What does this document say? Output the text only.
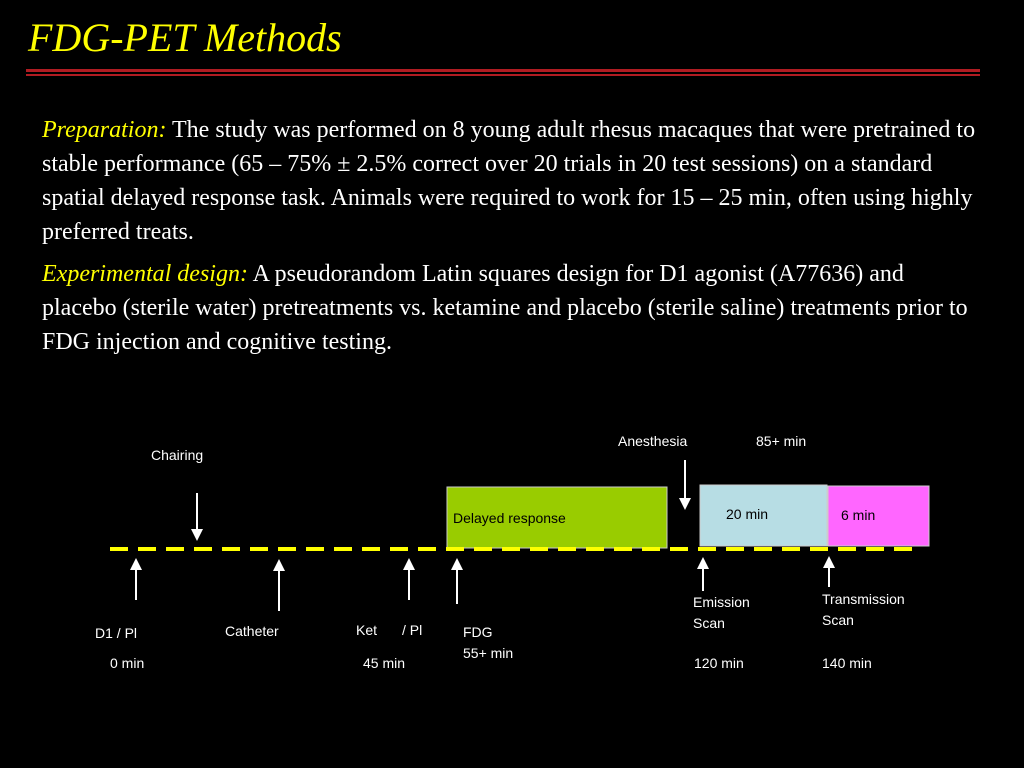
FDG-PET Methods
Preparation: The study was performed on 8 young adult rhesus macaques that were pretrained to stable performance (65 – 75% ± 2.5% correct over 20 trials in 20 test sessions) on a standard spatial delayed response task. Animals were required to work for 15 – 25 min, often using highly preferred treats.
Experimental design: A pseudorandom Latin squares design for D1 agonist (A77636) and placebo (sterile water) pretreatments vs. ketamine and placebo (sterile saline) treatments prior to FDG injection and cognitive testing.
Chairing
Anesthesia	85+ min
Delayed response	20 min	6 min
D1 / Pl	Catheter	Ket / Pl	FDG
55+ min
Emission
Scan
Transmission
Scan
0 min	45 min	120 min	140 min
